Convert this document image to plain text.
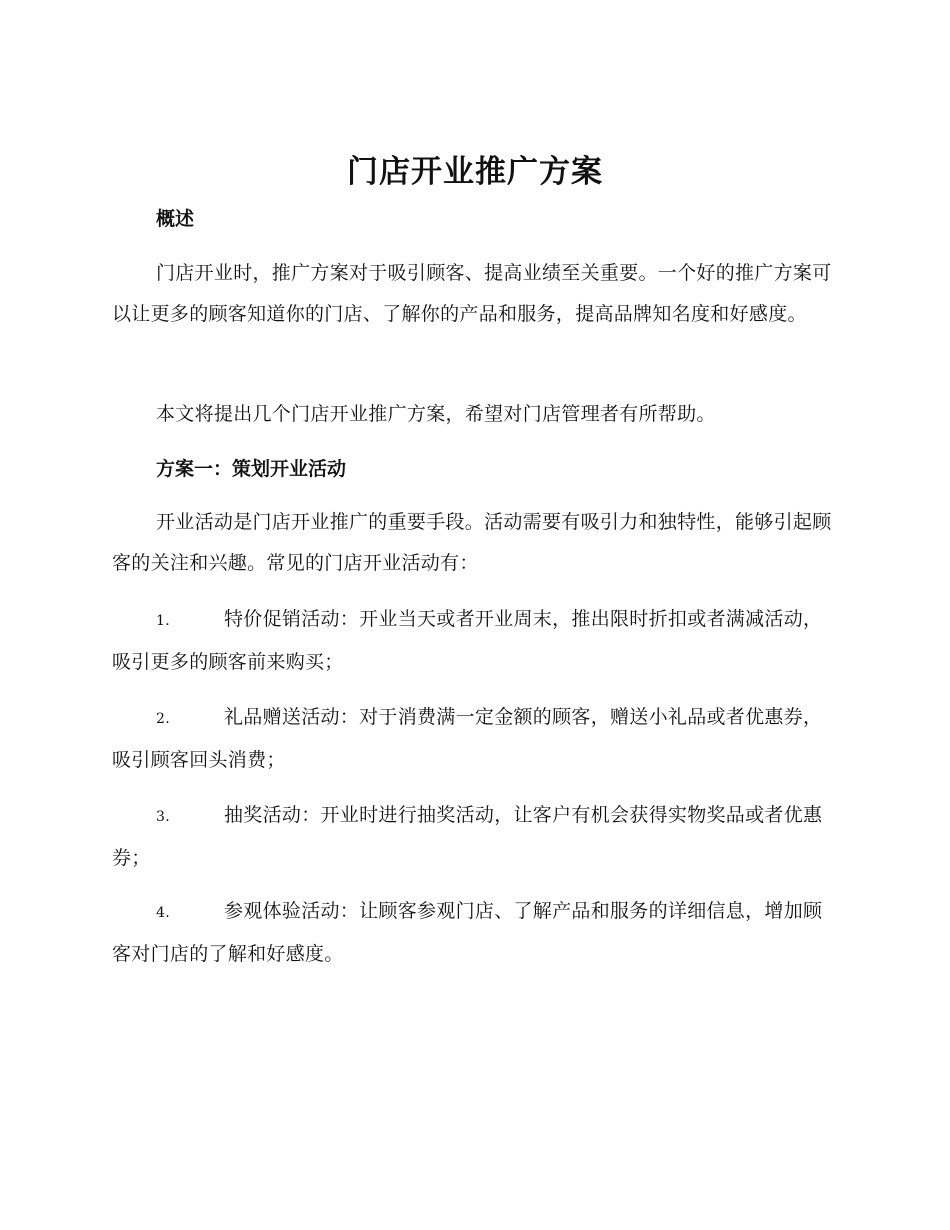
门店开业推广方案
概述
门店开业时，推广方案对于吸引顾客、提高业绩至关重要。一个好的推广方案可以让更多的顾客知道你的门店、了解你的产品和服务，提高品牌知名度和好感度。
本文将提出几个门店开业推广方案，希望对门店管理者有所帮助。
方案一：策划开业活动
开业活动是门店开业推广的重要手段。活动需要有吸引力和独特性，能够引起顾客的关注和兴趣。常见的门店开业活动有：
1.	特价促销活动：开业当天或者开业周末，推出限时折扣或者满减活动，吸引更多的顾客前来购买；
2.	礼品赠送活动：对于消费满一定金额的顾客，赠送小礼品或者优惠券，吸引顾客回头消费；
3.	抽奖活动：开业时进行抽奖活动，让客户有机会获得实物奖品或者优惠券；
4.	参观体验活动：让顾客参观门店、了解产品和服务的详细信息，增加顾客对门店的了解和好感度。
